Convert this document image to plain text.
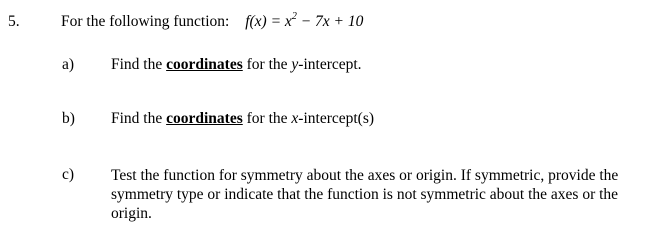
5.	For the following function: $f(x) = x^2 - 7x + 10$
a) Find the coordinates for the y-intercept.
b) Find the coordinates for the x-intercept(s)
c) Test the function for symmetry about the axes or origin. If symmetric, provide the symmetry type or indicate that the function is not symmetric about the axes or the origin.
